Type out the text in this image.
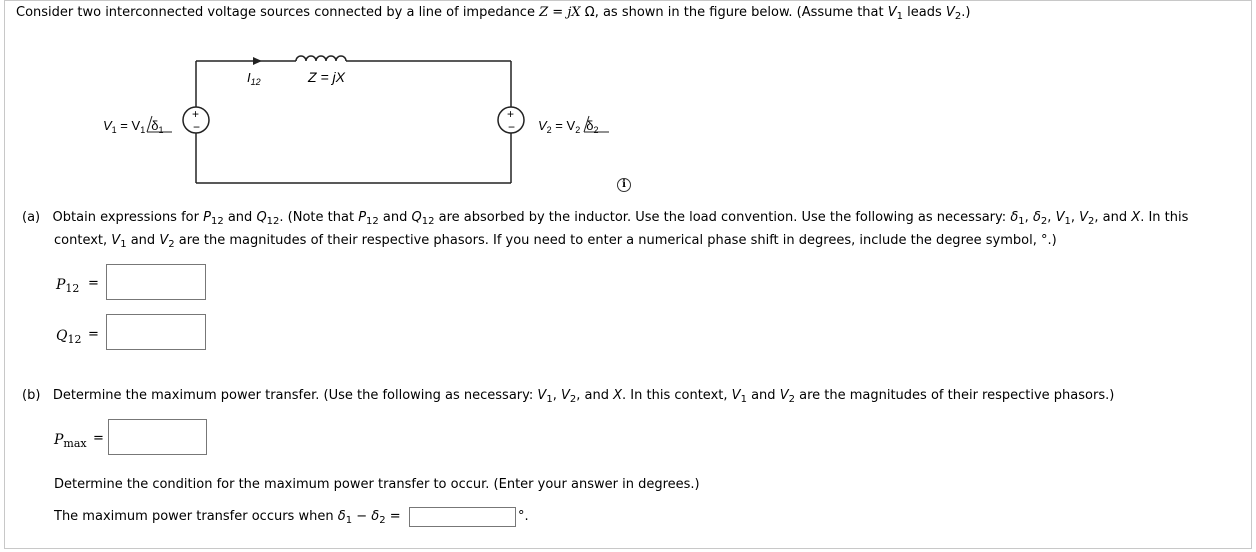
Consider two interconnected voltage sources connected by a line of impedance Z = jX Ω, as shown in the figure below. (Assume that $V_1$ leads $V_2$.)
+
−
+
−
$I_{12}$	Z = jX
$V_1 = V_1$ $\delta_1$	$V_2 = V_2$ $\delta_2$
i
(a) Obtain expressions for $P_{12}$ and $Q_{12}$. (Note that $P_{12}$ and $Q_{12}$ are absorbed by the inductor. Use the load convention. Use the following as necessary: $\delta_1$, $\delta_2$, $V_1$, $V_2$, and X. In this
context, $V_1$ and $V_2$ are the magnitudes of their respective phasors. If you need to enter a numerical phase shift in degrees, include the degree symbol, °.)
$P_{12}$ =
$Q_{12}$ =
(b) Determine the maximum power transfer. (Use the following as necessary: $V_1$, $V_2$, and X. In this context, $V_1$ and $V_2$ are the magnitudes of their respective phasors.)
$P_{max}$ =
Determine the condition for the maximum power transfer to occur. (Enter your answer in degrees.)
The maximum power transfer occurs when $\delta_1 - \delta_2$ =	°.
